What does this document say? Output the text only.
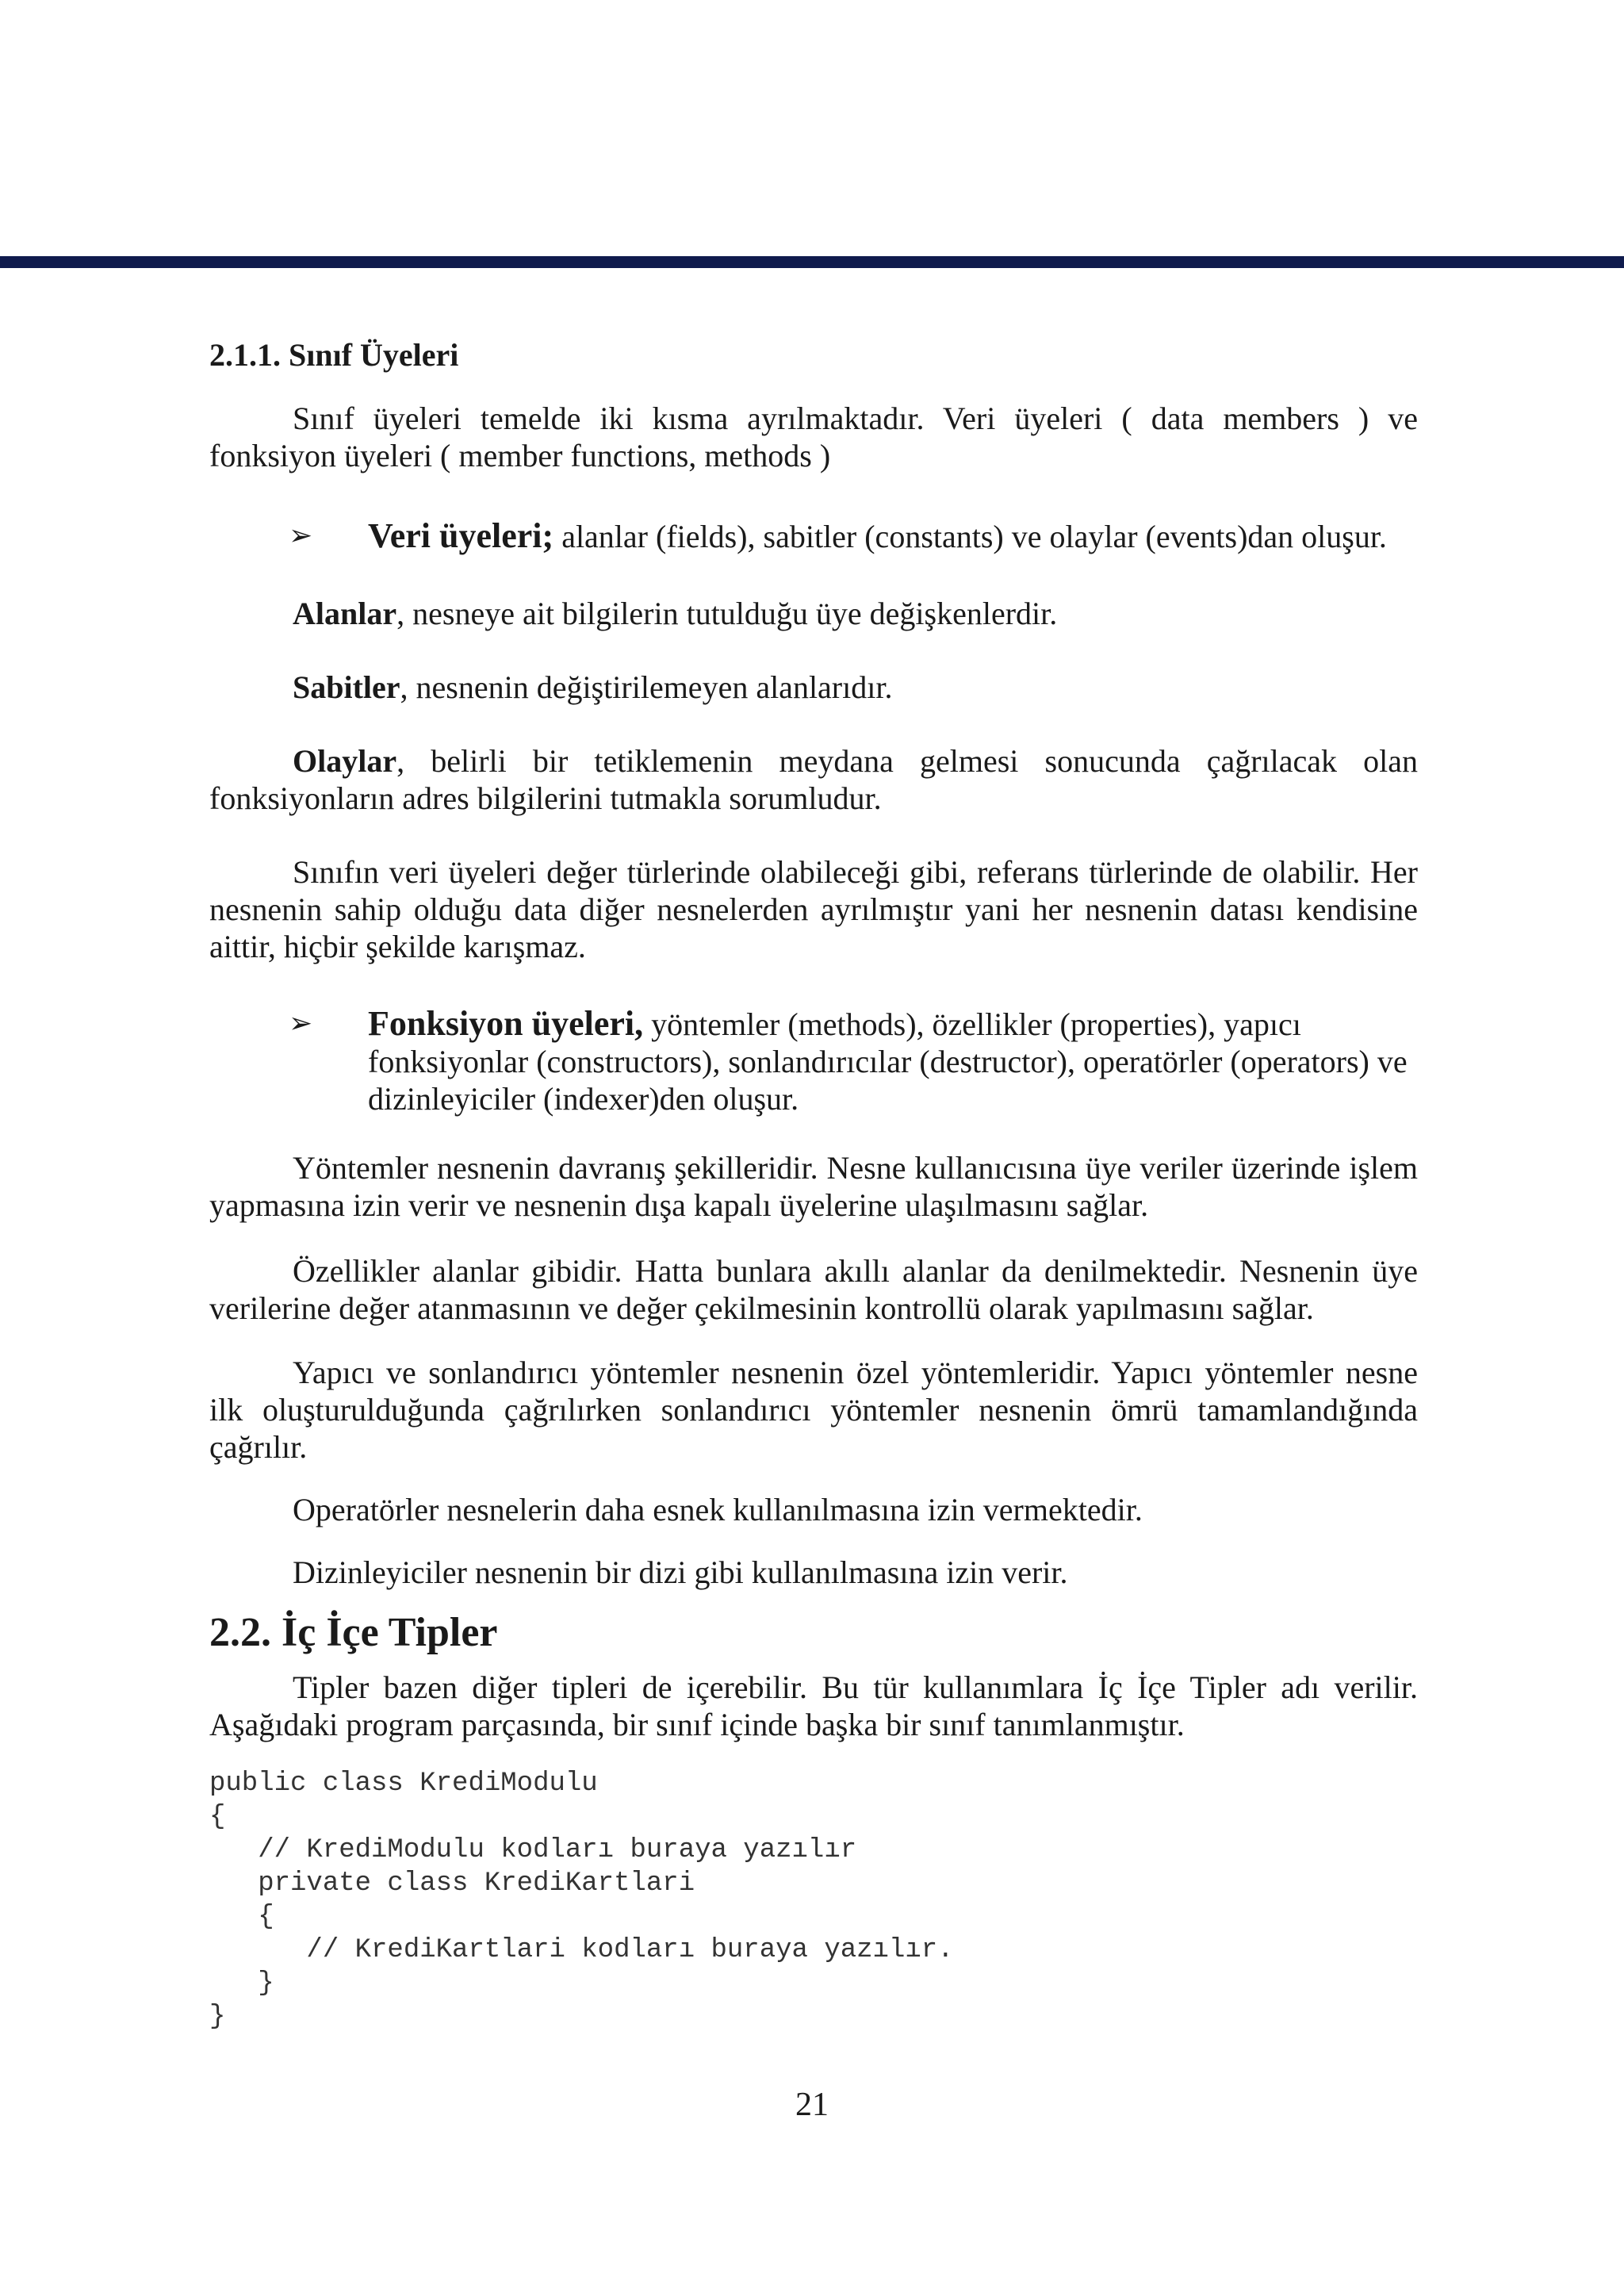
2.1.1. Sınıf Üyeleri

Sınıf üyeleri temelde iki kısma ayrılmaktadır. Veri üyeleri ( data members ) ve fonksiyon üyeleri ( member functions, methods )

➢ Veri üyeleri; alanlar (fields), sabitler (constants) ve olaylar (events)dan oluşur.

Alanlar, nesneye ait bilgilerin tutulduğu üye değişkenlerdir.

Sabitler, nesnenin değiştirilemeyen alanlarıdır.

Olaylar, belirli bir tetiklemenin meydana gelmesi sonucunda çağrılacak olan fonksiyonların adres bilgilerini tutmakla sorumludur.

Sınıfın veri üyeleri değer türlerinde olabileceği gibi, referans türlerinde de olabilir. Her nesnenin sahip olduğu data diğer nesnelerden ayrılmıştır yani her nesnenin datası kendisine aittir, hiçbir şekilde karışmaz.

➢ Fonksiyon üyeleri, yöntemler (methods), özellikler (properties), yapıcı fonksiyonlar (constructors), sonlandırıcılar (destructor), operatörler (operators) ve dizinleyiciler (indexer)den oluşur.

Yöntemler nesnenin davranış şekilleridir. Nesne kullanıcısına üye veriler üzerinde işlem yapmasına izin verir ve nesnenin dışa kapalı üyelerine ulaşılmasını sağlar.

Özellikler alanlar gibidir. Hatta bunlara akıllı alanlar da denilmektedir. Nesnenin üye verilerine değer atanmasının ve değer çekilmesinin kontrollü olarak yapılmasını sağlar.

Yapıcı ve sonlandırıcı yöntemler nesnenin özel yöntemleridir. Yapıcı yöntemler nesne ilk oluşturulduğunda çağrılırken sonlandırıcı yöntemler nesnenin ömrü tamamlandığında çağrılır.

Operatörler nesnelerin daha esnek kullanılmasına izin vermektedir.

Dizinleyiciler nesnenin bir dizi gibi kullanılmasına izin verir.

2.2. İç İçe Tipler

Tipler bazen diğer tipleri de içerebilir. Bu tür kullanımlara İç İçe Tipler adı verilir. Aşağıdaki program parçasında, bir sınıf içinde başka bir sınıf tanımlanmıştır.

public class KrediModulu
{
// KrediModulu kodları buraya yazılır
private class KrediKartlari
{
// KrediKartlari kodları buraya yazılır.
}
}
21
